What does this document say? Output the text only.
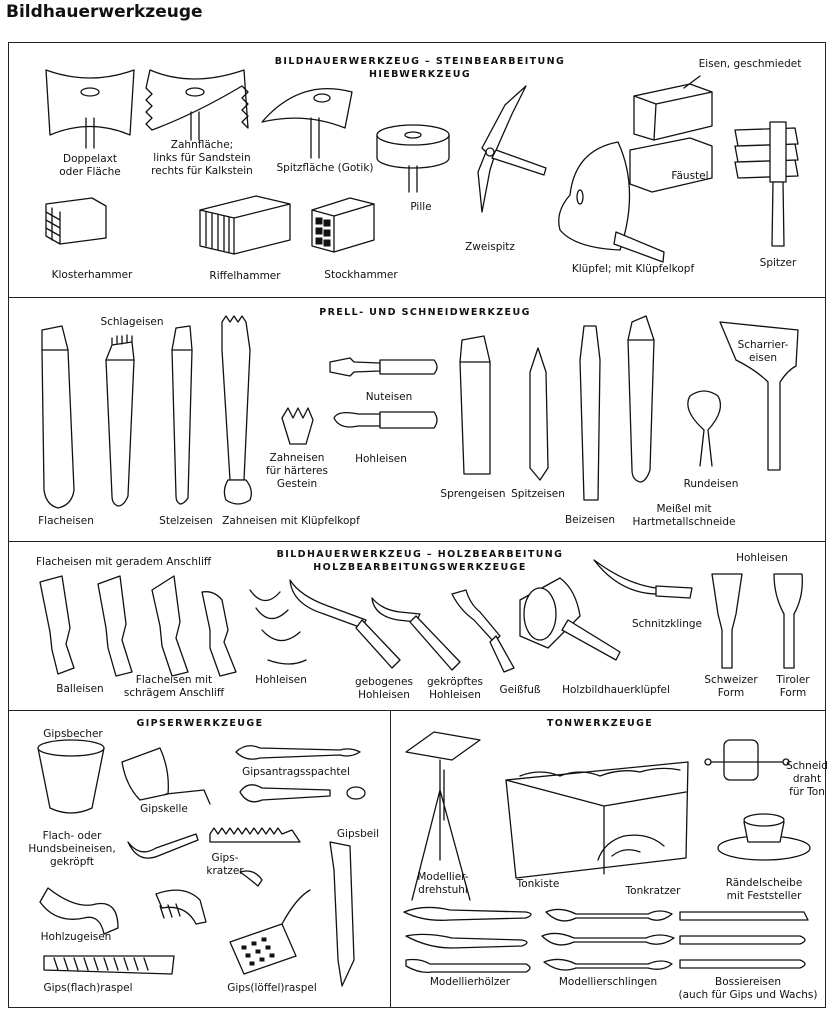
Bildhauerwerkzeuge
BILDHAUERWERKZEUG – STEINBEARBEITUNG
HIEBWERKZEUG
PRELL- UND SCHNEIDWERKZEUG
BILDHAUERWERKZEUG – HOLZBEARBEITUNG
HOLZBEARBEITUNGSWERKZEUGE
GIPSERWERKZEUGE	TONWERKZEUGE
Doppelaxt
oder Fläche
Zahnfläche;
links für Sandstein
rechts für Kalkstein	Spitzfläche (Gotik)
Pille
Zweispitz
Eisen, geschmiedet
Fäustel
Klüpfel; mit Klüpfelkopf	Spitzer
Klosterhammer	Riffelhammer	Stockhammer
Schlageisen
Flacheisen	Stelzeisen Zahneisen mit Klüpfelkopf
Zahneisen
für härteres
Gestein
Nuteisen
Hohleisen
Sprengeisen Spitzeisen
Beizeisen
Meißel mit
Hartmetallschneide
Rundeisen
Scharrier-
eisen
Flacheisen mit geradem Anschliff
Balleisen
Flacheisen mit
schrägem Anschliff
Hohleisen	gebogenes
Hohleisen
gekröpftes
Hohleisen	Geißfuß	Holzbildhauerklüpfel
Schnitzklinge
Hohleisen
Schweizer
Form
Tiroler
Form
Gipsbecher
Gipskelle
Gipsantragsspachtel
Flach- oder
Hundsbeineisen,
gekröpft	Gips-
kratzer
Gipsbeil
Hohlzugeisen
Gips(flach)raspel	Gips(löffel)raspel
Modellier-
drehstuhl	Tonkiste
Tonkratzer
Schneid
draht
für Ton
Rändelscheibe
mit Feststeller
Modellierhölzer	Modellierschlingen	Bossiereisen
(auch für Gips und Wachs)
